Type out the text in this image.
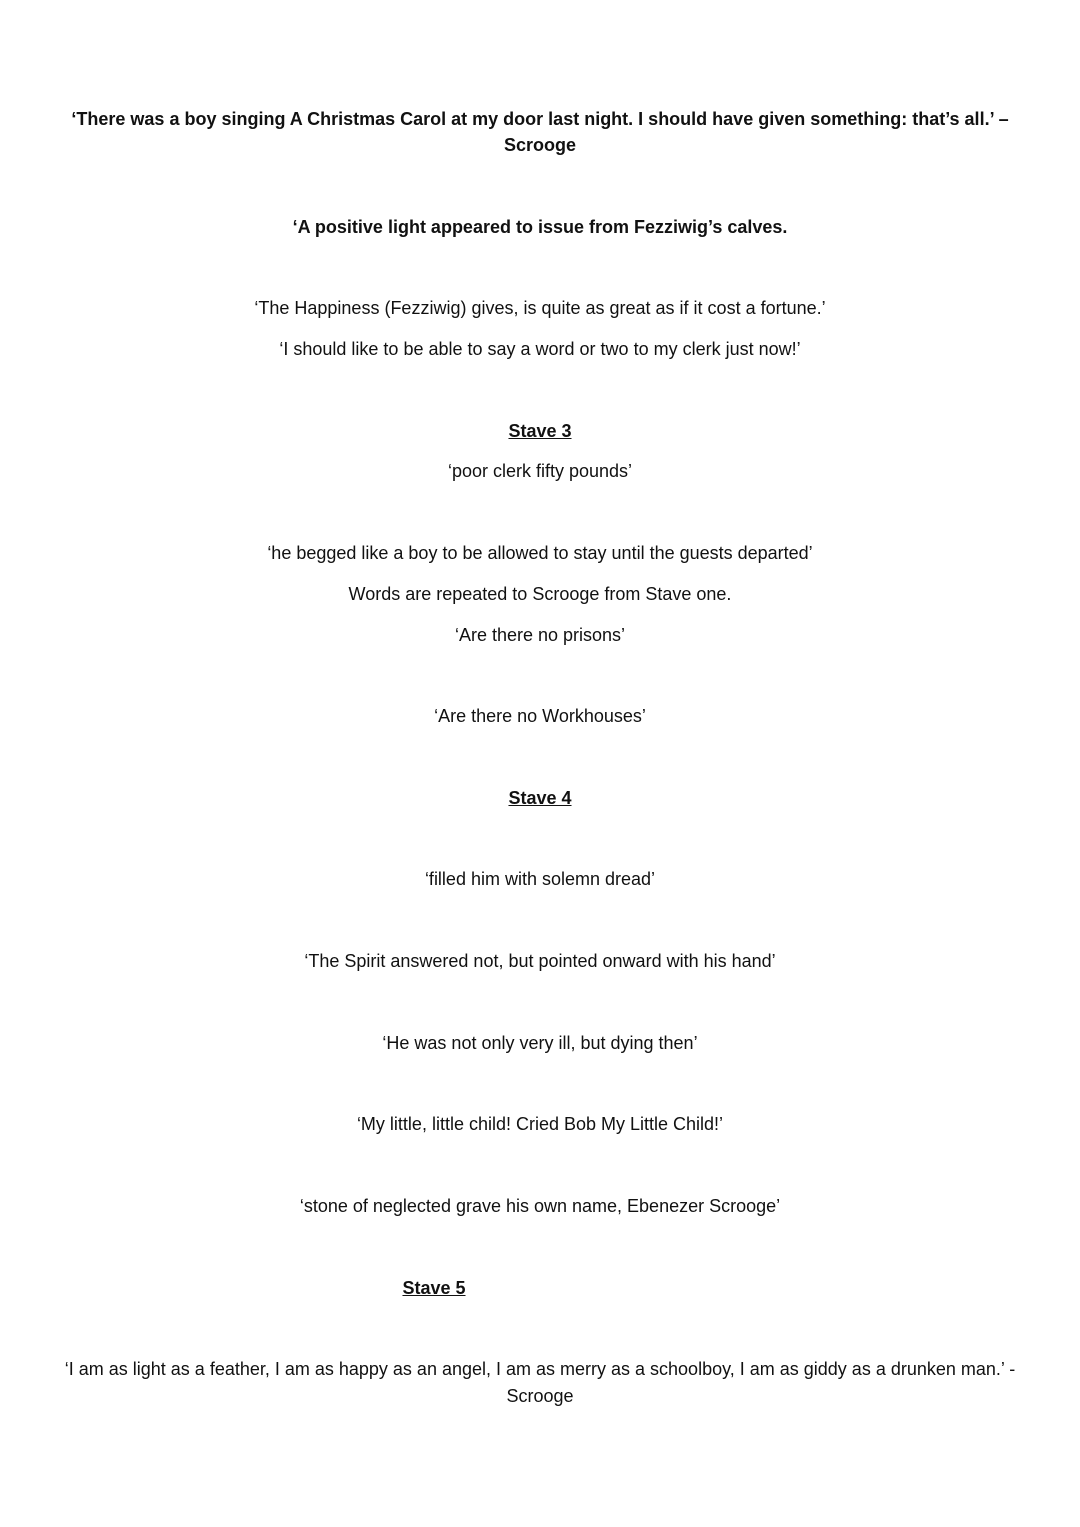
‘There was a boy singing A Christmas Carol at my door last night. I should have given something: that’s all.’ –
Scrooge
‘A positive light appeared to issue from Fezziwig’s calves.
‘The Happiness (Fezziwig) gives, is quite as great as if it cost a fortune.’
‘I should like to be able to say a word or two to my clerk just now!’
Stave 3
‘poor clerk fifty pounds’
‘he begged like a boy to be allowed to stay until the guests departed’
Words are repeated to Scrooge from Stave one.
‘Are there no prisons’
‘Are there no Workhouses’
Stave 4
‘filled him with solemn dread’
‘The Spirit answered not, but pointed onward with his hand’
‘He was not only very ill, but dying then’
‘My little, little child! Cried Bob My Little Child!’
‘stone of neglected grave his own name, Ebenezer Scrooge’
Stave 5
‘I am as light as a feather, I am as happy as an angel, I am as merry as a schoolboy, I am as giddy as a drunken man.’ -
Scrooge
